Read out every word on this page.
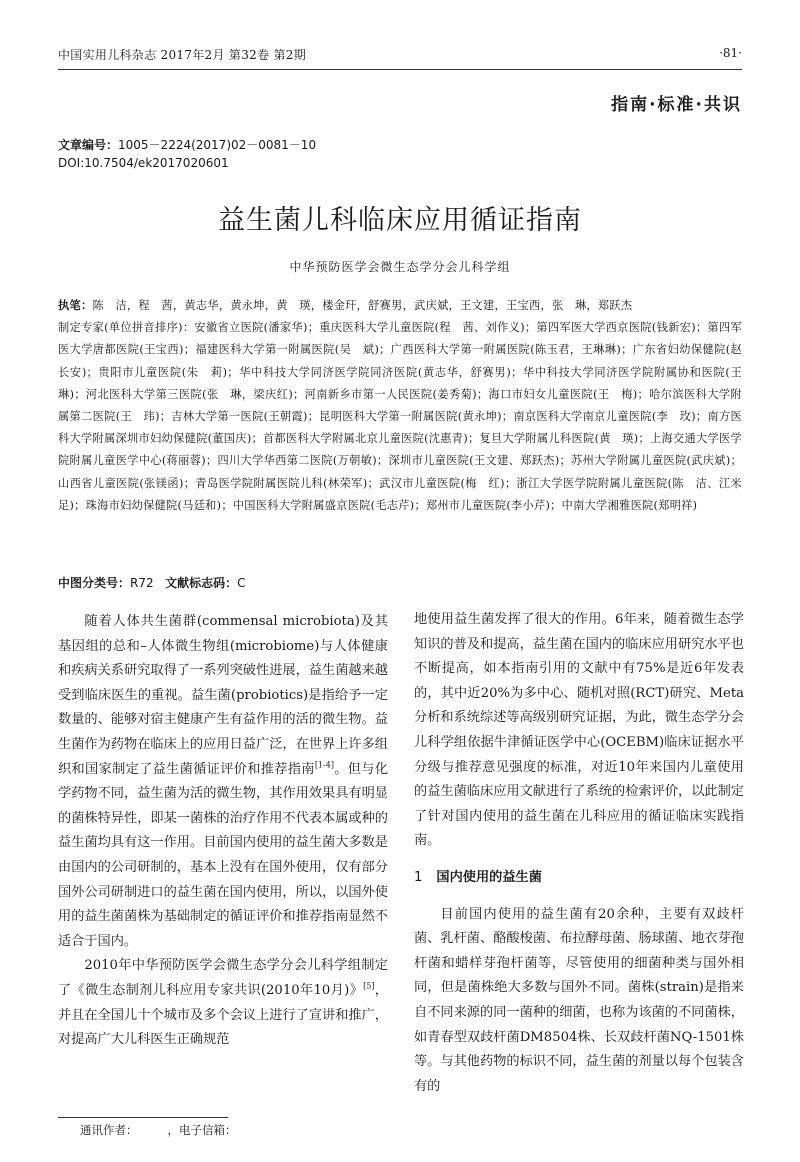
中国实用儿科杂志 2017年2月 第32卷 第2期	·81·
指南·标准·共识
文章编号：1005－2224(2017)02－0081－10
DOI:10.7504/ek2017020601
益生菌儿科临床应用循证指南
中华预防医学会微生态学分会儿科学组
执笔：陈　洁，程　茜，黄志华，黄永坤，黄　瑛，楼金玕，舒赛男，武庆斌，王文建，王宝西，张　琳，郑跃杰
制定专家(单位拼音排序)：安徽省立医院(潘家华)；重庆医科大学儿童医院(程　茜、刘作义)；第四军医大学西京医院(钱新宏)；第四军医大学唐都医院(王宝西)；福建医科大学第一附属医院(吴　斌)；广西医科大学第一附属医院(陈玉君，王琳琳)；广东省妇幼保健院(赵长安)；贵阳市儿童医院(朱　莉)；华中科技大学同济医学院同济医院(黄志华，舒赛男)；华中科技大学同济医学院附属协和医院(王　琳)；河北医科大学第三医院(张　琳，梁庆红)；河南新乡市第一人民医院(姜秀菊)；海口市妇女儿童医院(王　梅)；哈尔滨医科大学附属第二医院(王　玮)；吉林大学第一医院(王朝霞)；昆明医科大学第一附属医院(黄永坤)；南京医科大学南京儿童医院(李　玫)；南方医科大学附属深圳市妇幼保健院(董国庆)；首都医科大学附属北京儿童医院(沈惠青)；复旦大学附属儿科医院(黄　瑛)；上海交通大学医学院附属儿童医学中心(蒋丽蓉)；四川大学华西第二医院(万朝敏)；深圳市儿童医院(王文建、郑跃杰)；苏州大学附属儿童医院(武庆斌)；山西省儿童医院(张镁函)；青岛医学院附属医院儿科(林荣军)；武汉市儿童医院(梅　红)；浙江大学医学院附属儿童医院(陈　洁、江米足)；珠海市妇幼保健院(马廷和)；中国医科大学附属盛京医院(毛志芹)；郑州市儿童医院(李小芹)；中南大学湘雅医院(郑明祥)
中图分类号：R72 文献标志码：C

随着人体共生菌群(commensal microbiota)及其基因组的总和–人体微生物组(microbiome)与人体健康和疾病关系研究取得了一系列突破性进展，益生菌越来越受到临床医生的重视。益生菌(probiotics)是指给予一定数量的、能够对宿主健康产生有益作用的活的微生物。益生菌作为药物在临床上的应用日益广泛，在世界上许多组织和国家制定了益生菌循证评价和推荐指南[1-4]。但与化学药物不同，益生菌为活的微生物，其作用效果具有明显的菌株特异性，即某一菌株的治疗作用不代表本属或种的益生菌均具有这一作用。目前国内使用的益生菌大多数是由国内的公司研制的，基本上没有在国外使用，仅有部分国外公司研制进口的益生菌在国内使用，所以，以国外使用的益生菌菌株为基础制定的循证评价和推荐指南显然不适合于国内。

2010年中华预防医学会微生态学分会儿科学组制定了《微生态制剂儿科应用专家共识(2010年10月)》[5]，并且在全国儿十个城市及多个会议上进行了宣讲和推广，对提高广大儿科医生正确规范

地使用益生菌发挥了很大的作用。6年来，随着微生态学知识的普及和提高，益生菌在国内的临床应用研究水平也不断提高，如本指南引用的文献中有75%是近6年发表的，其中近20%为多中心、随机对照(RCT)研究、Meta分析和系统综述等高级别研究证据，为此，微生态学分会儿科学组依据牛津循证医学中心(OCEBM)临床证据水平分级与推荐意见强度的标准，对近10年来国内儿童使用的益生菌临床应用文献进行了系统的检索评价，以此制定了针对国内使用的益生菌在儿科应用的循证临床实践指南。

1 国内使用的益生菌

目前国内使用的益生菌有20余种，主要有双歧杆菌、乳杆菌、酪酸梭菌、布拉酵母菌、肠球菌、地衣芽孢杆菌和蜡样芽孢杆菌等，尽管使用的细菌种类与国外相同，但是菌株绝大多数与国外不同。菌株(strain)是指来自不同来源的同一菌种的细菌，也称为该菌的不同菌株，如青春型双歧杆菌DM8504株、长双歧杆菌NQ-1501株等。与其他药物的标识不同，益生菌的剂量以每个包装含有的

通讯作者：	，电子信箱：
